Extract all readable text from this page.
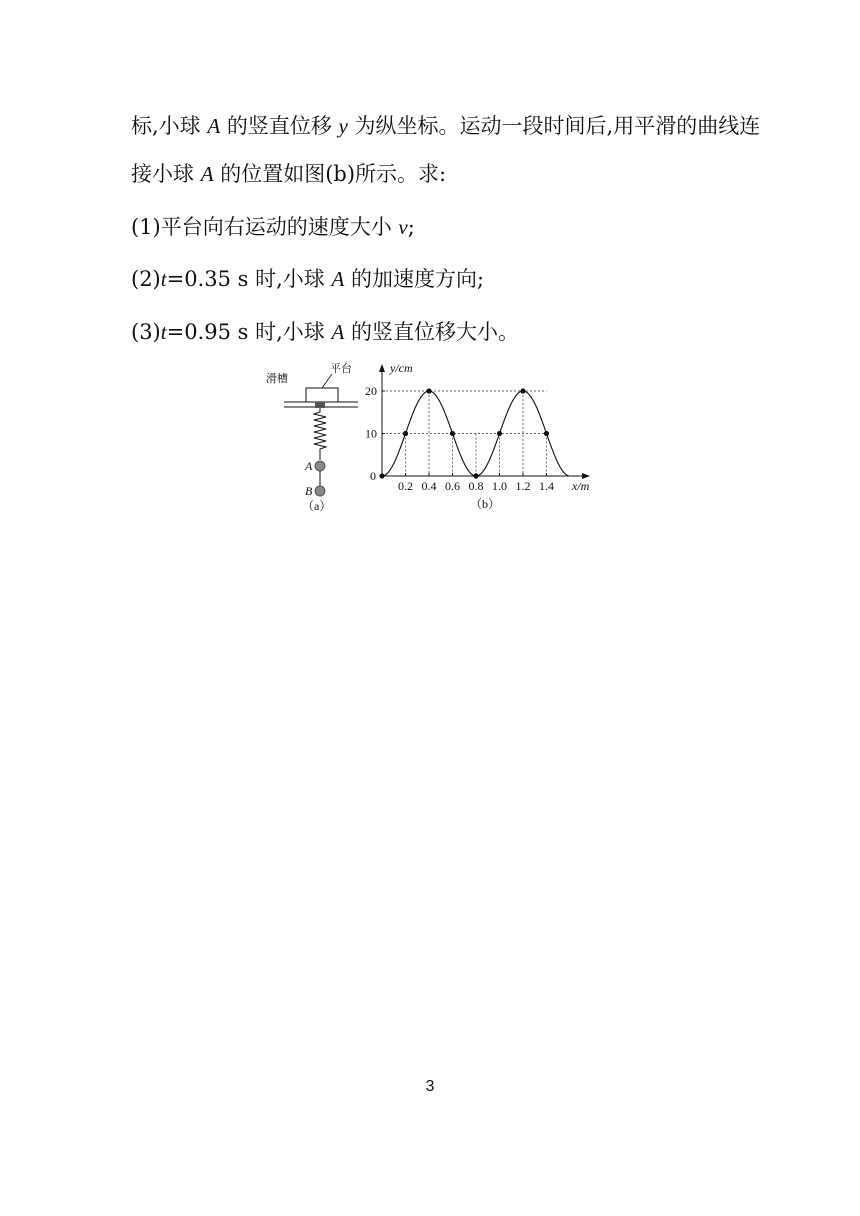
标,小球 A 的竖直位移 y 为纵坐标。运动一段时间后,用平滑的曲线连
接小球 A 的位置如图(b)所示。求:
(1)平台向右运动的速度大小 v;
(2)t=0.35 s 时,小球 A 的加速度方向;
(3)t=0.95 s 时,小球 A 的竖直位移大小。
滑槽
平台
A
B
（a）
y/cm
x/m
0
（b）
0.2 0.4 0.6 0.8 1.0 1.2 1.4
10
20
3
